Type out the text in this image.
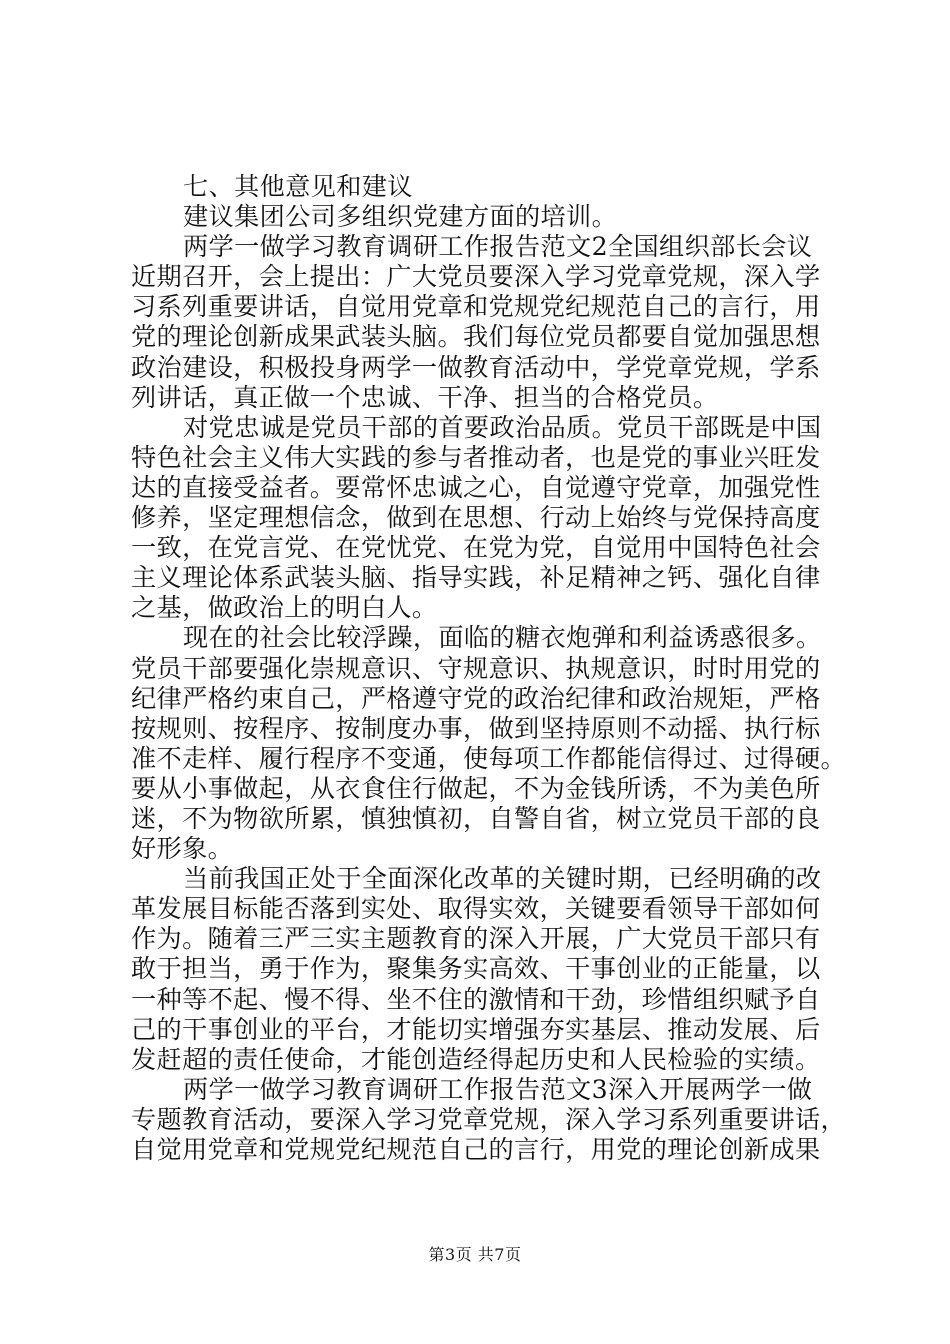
七、其他意见和建议
建议集团公司多组织党建方面的培训。
两学一做学习教育调研工作报告范文2全国组织部长会议
近期召开，会上提出：广大党员要深入学习党章党规，深入学
习系列重要讲话，自觉用党章和党规党纪规范自己的言行，用
党的理论创新成果武装头脑。我们每位党员都要自觉加强思想
政治建设，积极投身两学一做教育活动中，学党章党规，学系
列讲话，真正做一个忠诚、干净、担当的合格党员。
对党忠诚是党员干部的首要政治品质。党员干部既是中国
特色社会主义伟大实践的参与者推动者，也是党的事业兴旺发
达的直接受益者。要常怀忠诚之心，自觉遵守党章，加强党性
修养，坚定理想信念，做到在思想、行动上始终与党保持高度
一致，在党言党、在党忧党、在党为党，自觉用中国特色社会
主义理论体系武装头脑、指导实践，补足精神之钙、强化自律
之基，做政治上的明白人。
现在的社会比较浮躁，面临的糖衣炮弹和利益诱惑很多。
党员干部要强化崇规意识、守规意识、执规意识，时时用党的
纪律严格约束自己，严格遵守党的政治纪律和政治规矩，严格
按规则、按程序、按制度办事，做到坚持原则不动摇、执行标
准不走样、履行程序不变通，使每项工作都能信得过、过得硬。
要从小事做起，从衣食住行做起，不为金钱所诱，不为美色所
迷，不为物欲所累，慎独慎初，自警自省，树立党员干部的良
好形象。
当前我国正处于全面深化改革的关键时期，已经明确的改
革发展目标能否落到实处、取得实效，关键要看领导干部如何
作为。随着三严三实主题教育的深入开展，广大党员干部只有
敢于担当，勇于作为，聚集务实高效、干事创业的正能量，以
一种等不起、慢不得、坐不住的激情和干劲，珍惜组织赋予自
己的干事创业的平台，才能切实增强夯实基层、推动发展、后
发赶超的责任使命，才能创造经得起历史和人民检验的实绩。
两学一做学习教育调研工作报告范文3深入开展两学一做
专题教育活动，要深入学习党章党规，深入学习系列重要讲话，
自觉用党章和党规党纪规范自己的言行，用党的理论创新成果
第3页 共7页
